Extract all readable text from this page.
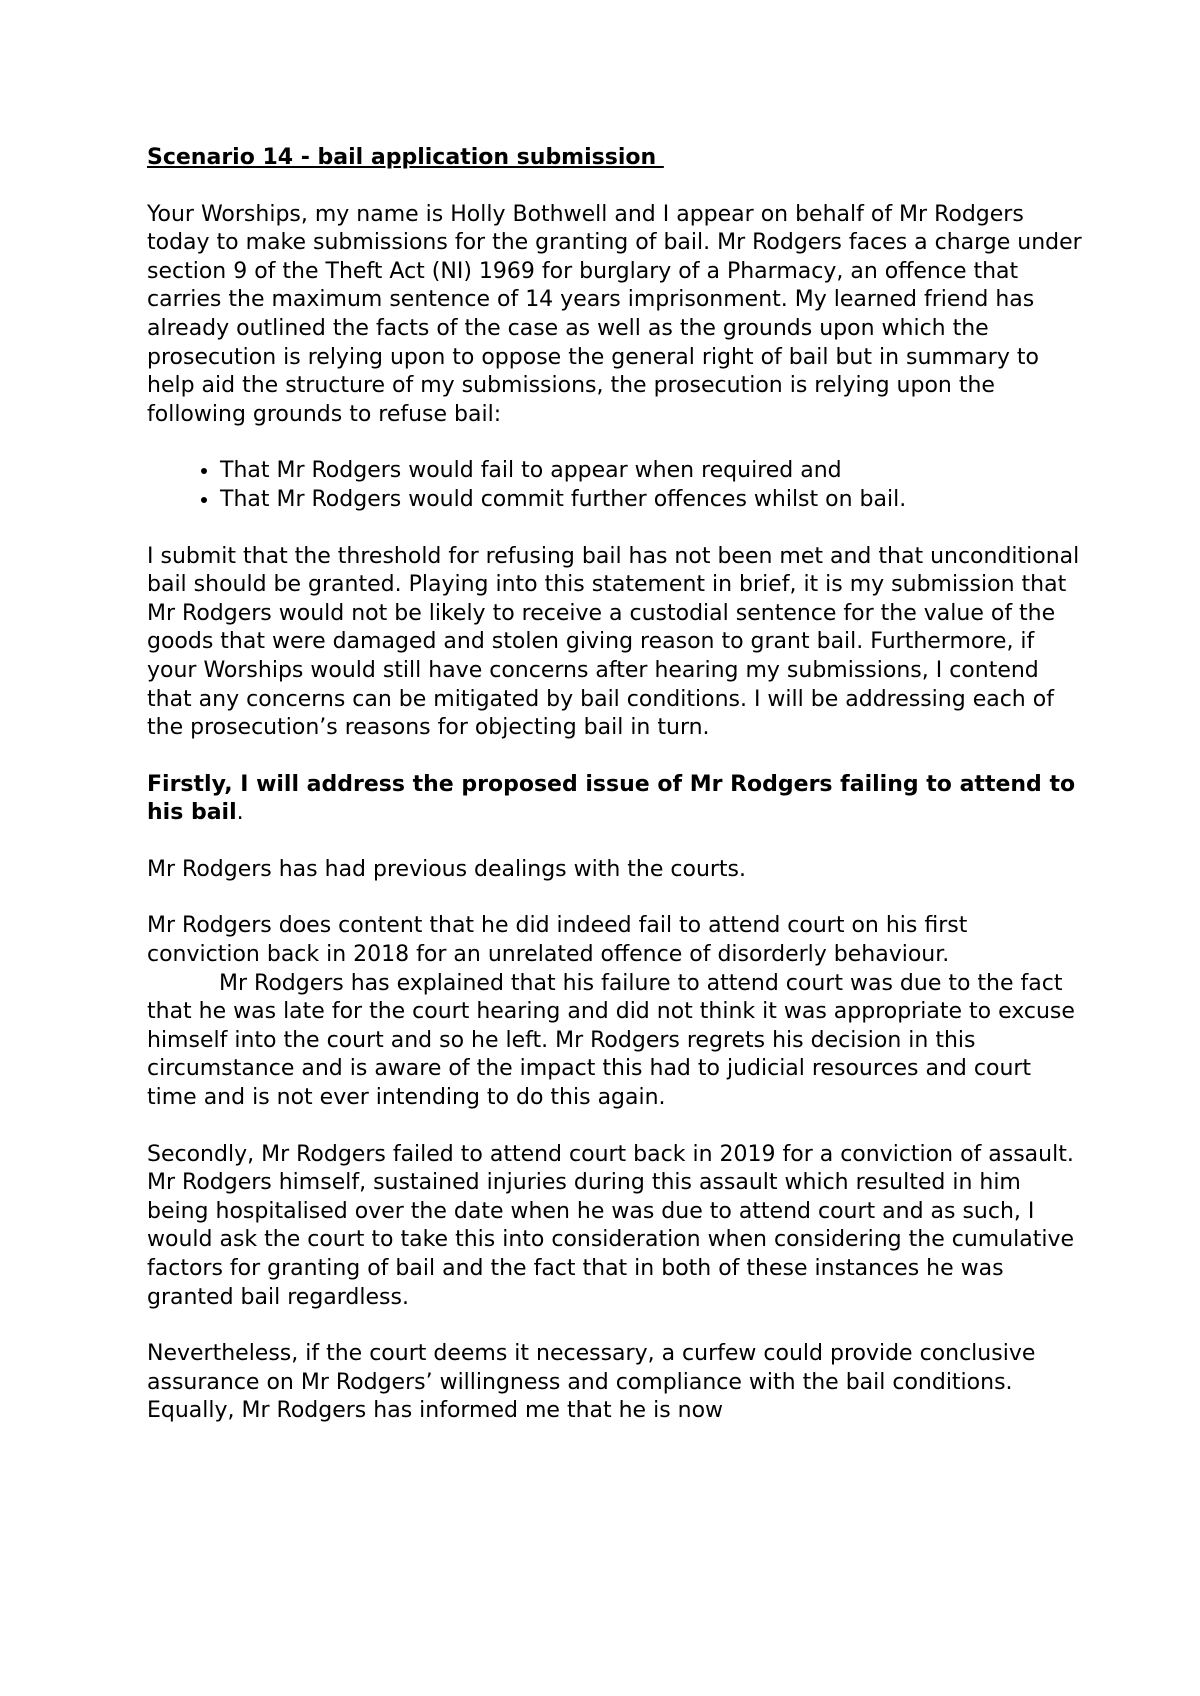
Scenario 14 - bail application submission

Your Worships, my name is Holly Bothwell and I appear on behalf of Mr Rodgers today to make submissions for the granting of bail. Mr Rodgers faces a charge under section 9 of the Theft Act (NI) 1969 for burglary of a Pharmacy, an offence that carries the maximum sentence of 14 years imprisonment. My learned friend has already outlined the facts of the case as well as the grounds upon which the prosecution is relying upon to oppose the general right of bail but in summary to help aid the structure of my submissions, the prosecution is relying upon the following grounds to refuse bail:

• That Mr Rodgers would fail to appear when required and
• That Mr Rodgers would commit further offences whilst on bail.

I submit that the threshold for refusing bail has not been met and that unconditional bail should be granted. Playing into this statement in brief, it is my submission that Mr Rodgers would not be likely to receive a custodial sentence for the value of the goods that were damaged and stolen giving reason to grant bail. Furthermore, if your Worships would still have concerns after hearing my submissions, I contend that any concerns can be mitigated by bail conditions. I will be addressing each of the prosecution’s reasons for objecting bail in turn.

Firstly, I will address the proposed issue of Mr Rodgers failing to attend to his bail.

Mr Rodgers has had previous dealings with the courts.

Mr Rodgers does content that he did indeed fail to attend court on his first conviction back in 2018 for an unrelated offence of disorderly behaviour.
Mr Rodgers has explained that his failure to attend court was due to the fact that he was late for the court hearing and did not think it was appropriate to excuse himself into the court and so he left. Mr Rodgers regrets his decision in this circumstance and is aware of the impact this had to judicial resources and court time and is not ever intending to do this again.

Secondly, Mr Rodgers failed to attend court back in 2019 for a conviction of assault. Mr Rodgers himself, sustained injuries during this assault which resulted in him being hospitalised over the date when he was due to attend court and as such, I would ask the court to take this into consideration when considering the cumulative factors for granting of bail and the fact that in both of these instances he was granted bail regardless.

Nevertheless, if the court deems it necessary, a curfew could provide conclusive assurance on Mr Rodgers’ willingness and compliance with the bail conditions. Equally, Mr Rodgers has informed me that he is now
